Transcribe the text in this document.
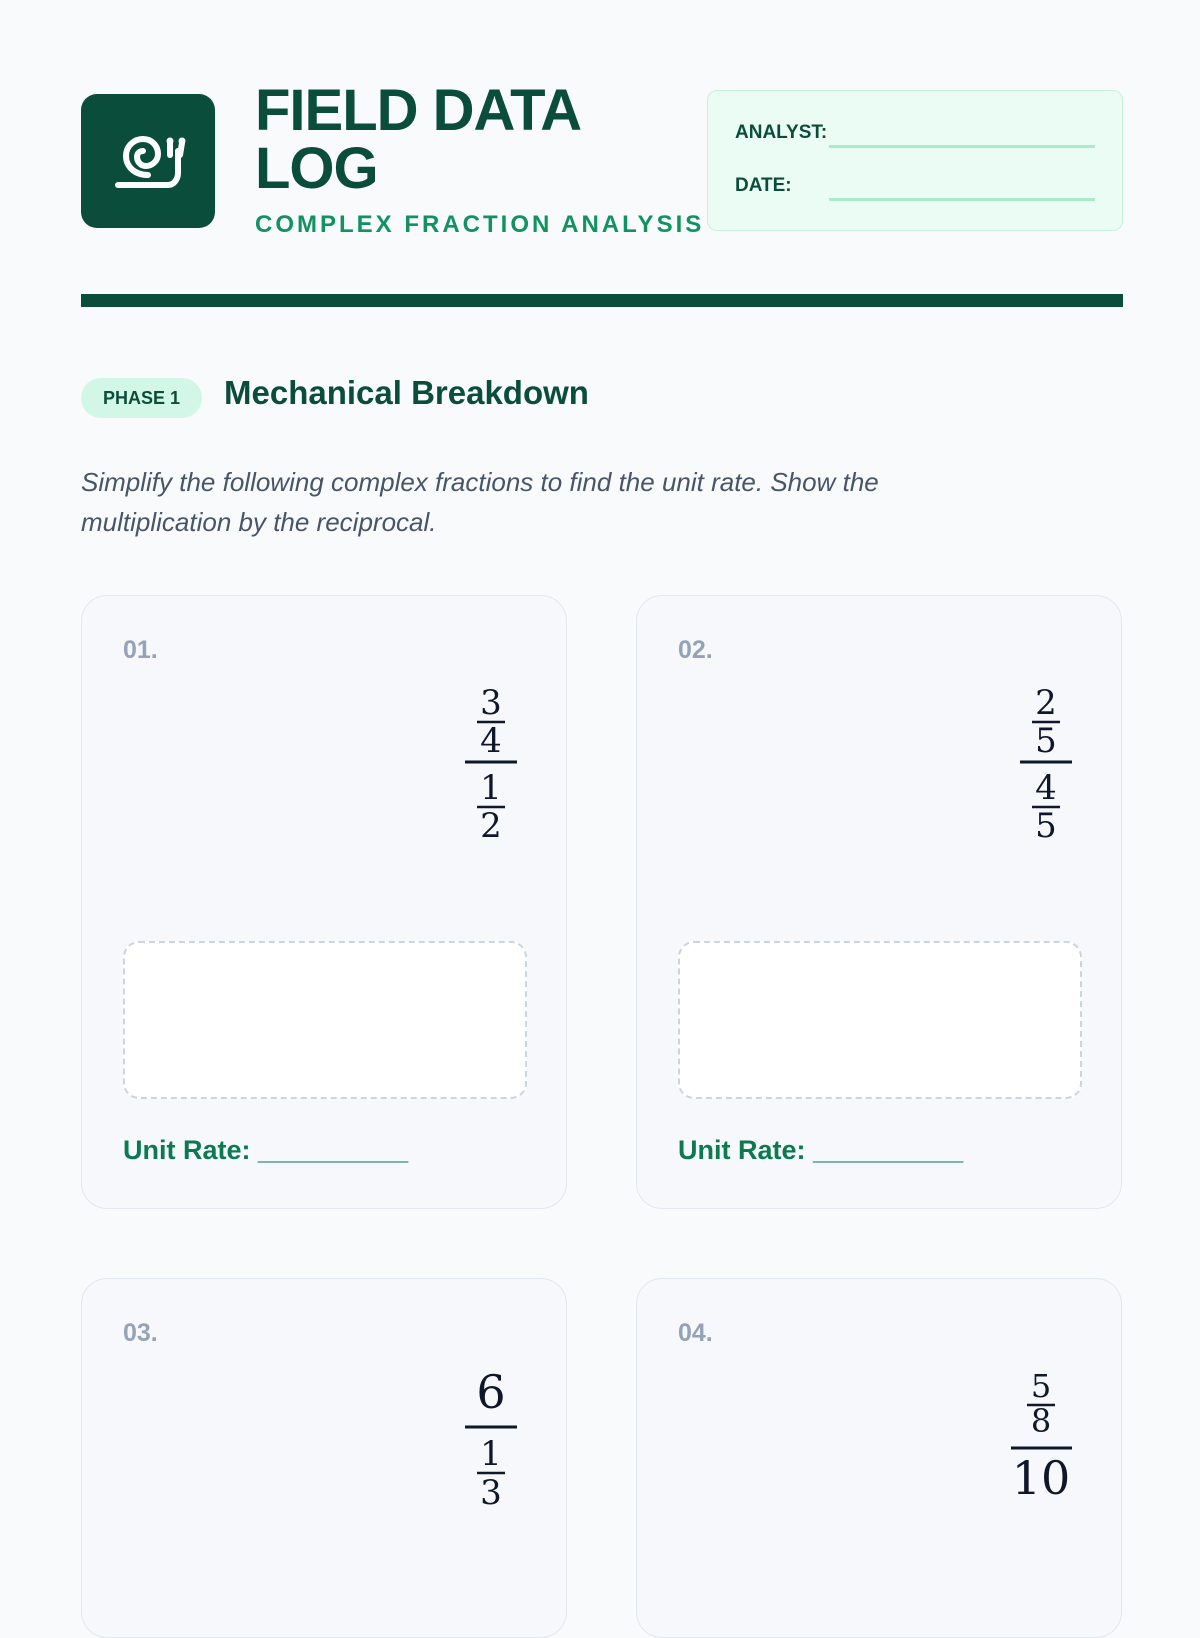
FIELD DATA
LOG
COMPLEX FRACTION ANALYSIS
ANALYST:
DATE:
PHASE 1	Mechanical Breakdown
Simplify the following complex fractions to find the unit rate. Show the multiplication by the reciprocal.
01.
3
4
1
2
Unit Rate: __________
02.
2
5
4
5
Unit Rate: __________
03.
6
1
3
04.
5
8
10
